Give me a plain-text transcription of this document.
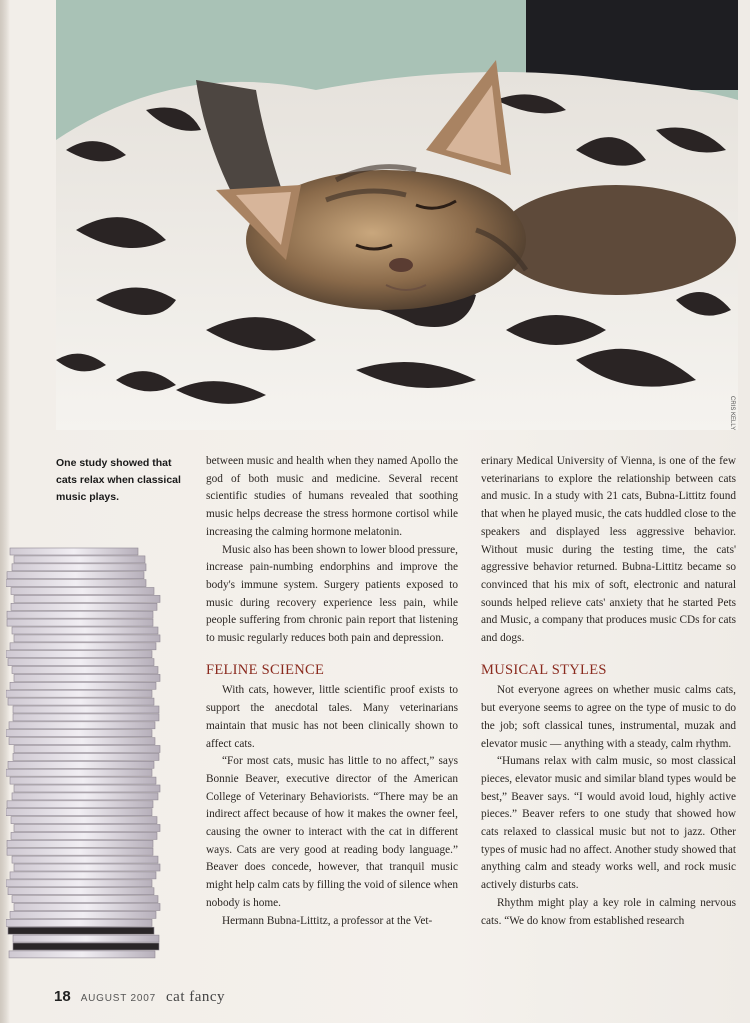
CRIS KELLY
One study showed that cats relax when classical music plays.

between music and health when they named Apollo the god of both music and medicine. Several recent scientific studies of humans revealed that soothing music helps decrease the stress hormone cortisol while increasing the calming hormone melatonin.

Music also has been shown to lower blood pressure, increase pain-numbing endorphins and improve the body's immune system. Surgery patients exposed to music during recovery experience less pain, while people suffering from chronic pain report that listening to music regularly reduces both pain and depression.

FELINE SCIENCE

With cats, however, little scientific proof exists to support the anecdotal tales. Many veterinarians maintain that music has not been clinically shown to affect cats.

“For most cats, music has little to no affect,” says Bonnie Beaver, executive director of the American College of Veterinary Behaviorists. “There may be an indirect affect because of how it makes the owner feel, causing the owner to interact with the cat in different ways. Cats are very good at reading body language.” Beaver does concede, however, that tranquil music might help calm cats by filling the void of silence when nobody is home.

Hermann Bubna-Littitz, a professor at the Vet-

erinary Medical University of Vienna, is one of the few veterinarians to explore the relationship between cats and music. In a study with 21 cats, Bubna-Littitz found that when he played music, the cats huddled close to the speakers and displayed less aggressive behavior. Without music during the testing time, the cats' aggressive behavior returned. Bubna-Littitz became so convinced that his mix of soft, electronic and natural sounds helped relieve cats' anxiety that he started Pets and Music, a company that produces music CDs for cats and dogs.

MUSICAL STYLES

Not everyone agrees on whether music calms cats, but everyone seems to agree on the type of music to do the job; soft classical tunes, instrumental, muzak and elevator music — anything with a steady, calm rhythm.

“Humans relax with calm music, so most classical pieces, elevator music and similar bland types would be best,” Beaver says. “I would avoid loud, highly active pieces.” Beaver refers to one study that showed how cats relaxed to classical music but not to jazz. Other types of music had no affect. Another study showed that anything calm and steady works well, and rock music actively disturbs cats.

Rhythm might play a key role in calming nervous cats. “We do know from established research

18 AUGUST 2007 cat fancy
